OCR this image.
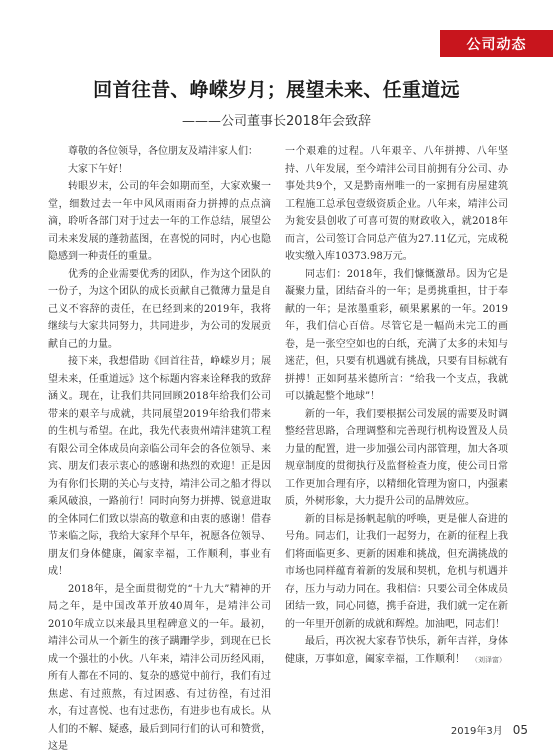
公司动态
回首往昔、峥嵘岁月；展望未来、任重道远
———公司董事长2018年会致辞

尊敬的各位领导，各位朋友及靖沣家人们：

大家下午好！

转眼岁末，公司的年会如期而至，大家欢聚一堂，细数过去一年中风风雨雨奋力拼搏的点点滴滴，聆听各部门对于过去一年的工作总结，展望公司未来发展的蓬勃蓝图，在喜悦的同时，内心也隐隐感到一种责任的重量。

优秀的企业需要优秀的团队，作为这个团队的一份子，为这个团队的成长贡献自己微薄力量是自己义不容辞的责任，在已经到来的2019年，我将继续与大家共同努力，共同进步，为公司的发展贡献自己的力量。

接下来，我想借助《回首往昔，峥嵘岁月；展望未来，任重道远》这个标题内容来诠释我的致辞涵义。现在，让我们共同回顾2018年给我们公司带来的艰辛与成就，共同展望2019年给我们带来的生机与希望。在此，我先代表贵州靖沣建筑工程有限公司全体成员向亲临公司年会的各位领导、来宾、朋友们表示衷心的感谢和热烈的欢迎！正是因为有你们长期的关心与支持，靖沣公司之船才得以乘风破浪，一路前行！同时向努力拼搏、锐意进取的全体同仁们致以崇高的敬意和由衷的感谢！借春节来临之际，我给大家拜个早年，祝愿各位领导、朋友们身体健康，阖家幸福，工作顺利，事业有成！

2018年，是全面贯彻党的“十九大”精神的开局之年，是中国改革开放40周年，是靖沣公司2010年成立以来最具里程碑意义的一年。最初，靖沣公司从一个新生的孩子蹒跚学步，到现在已长成一个强壮的小伙。八年来，靖沣公司历经风雨，所有人都在不同的、复杂的感觉中前行，我们有过焦虑、有过煎熬，有过困惑、有过彷徨，有过泪水，有过喜悦、也有过悲伤，有进步也有成长。从人们的不解、疑惑，最后到同行们的认可和赞赏，这是

一个艰难的过程。八年艰辛、八年拼搏、八年坚持、八年发展，至今靖沣公司目前拥有分公司、办事处共9个，又是黔南州唯一的一家拥有房屋建筑工程施工总承包壹级资质企业。八年来，靖沣公司为瓮安县创收了可喜可贺的财政收入，就2018年而言，公司签订合同总产值为27.11亿元，完成税收实缴入库10373.98万元。

同志们：2018年，我们慷慨激昂。因为它是凝聚力量，团结奋斗的一年；是勇挑重担，甘于奉献的一年；是浓墨重彩，硕果累累的一年。2019年，我们信心百倍。尽管它是一幅尚未完工的画卷，是一张空空如也的白纸，充满了太多的未知与迷茫，但，只要有机遇就有挑战，只要有目标就有拼搏！正如阿基米德所言：“给我一个支点，我就可以撬起整个地球”！

新的一年，我们要根据公司发展的需要及时调整经营思路，合理调整和完善现行机构设置及人员力量的配置，进一步加强公司内部管理，加大各项规章制度的贯彻执行及监督检查力度，使公司日常工作更加合理有序，以精细化管理为窗口，内强素质，外树形象，大力提升公司的品牌效应。

新的目标是扬帆起航的呼唤，更是催人奋进的号角。同志们，让我们一起努力，在新的征程上我们将面临更多、更新的困难和挑战，但充满挑战的市场也同样蕴育着新的发展和契机，危机与机遇并存，压力与动力同在。我相信：只要公司全体成员团结一致，同心同德，携手奋进，我们就一定在新的一年里开创新的成就和辉煌。加油吧，同志们！

最后，再次祝大家春节快乐，新年吉祥，身体健康，万事如意，阖家幸福，工作顺利！ （刘泽富）

2019年3月 05
